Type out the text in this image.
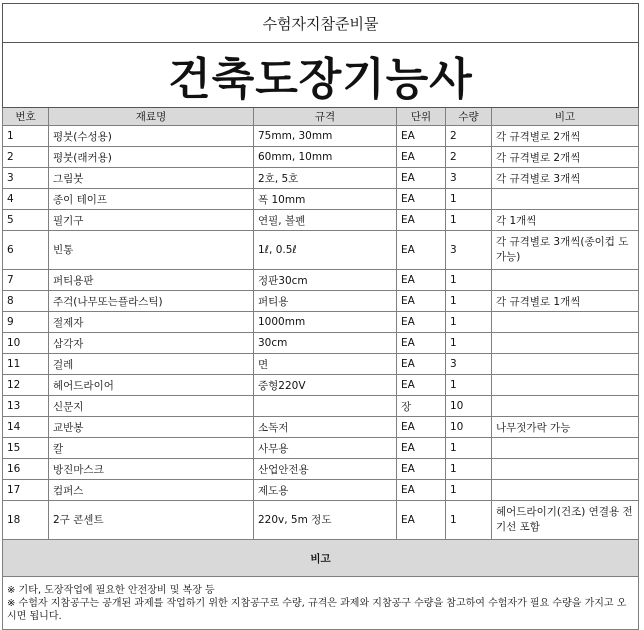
수험자지참준비물					
건축도장기능사					
번호	재료명	규격	단위	수량	비고
1	평붓(수성용)	75mm, 30mm	EA	2	각 규격별로 2개씩
2	평붓(래커용)	60mm, 10mm	EA	2	각 규격별로 2개씩
3	그림붓	2호, 5호	EA	3	각 규격별로 3개씩
4	종이 테이프	폭 10mm	EA	1	
5	필기구	연필, 볼펜	EA	1	각 1개씩
6	빈통	1ℓ, 0.5ℓ	EA	3	각 규격별로 3개씩(종이컵 도 가능)
7	퍼티용판	정판30cm	EA	1	
8	주걱(나무또는플라스틱)	퍼티용	EA	1	각 규격별로 1개씩
9	절제자	1000mm	EA	1	
10	삼각자	30cm	EA	1	
11	걸레	면	EA	3	
12	헤어드라이어	중형220V	EA	1	
13	신문지		장	10	
14	교반봉	소독저	EA	10	나무젓가락 가능
15	칼	사무용	EA	1	
16	방진마스크	산업안전용	EA	1	
17	컴퍼스	제도용	EA	1	
18	2구 콘센트	220v, 5m 정도	EA	1	헤어드라이기(건조) 연결용 전기선 포함
비고					

※ 기타, 도장작업에 필요한 안전장비 및 복장 등
※ 수험자 지참공구는 공개된 과제를 작업하기 위한 지참공구로 수량, 규격은 과제와 지참공구 수량을 참고하여 수험자가 필요 수량을 가지고 오시면 됩니다.					
